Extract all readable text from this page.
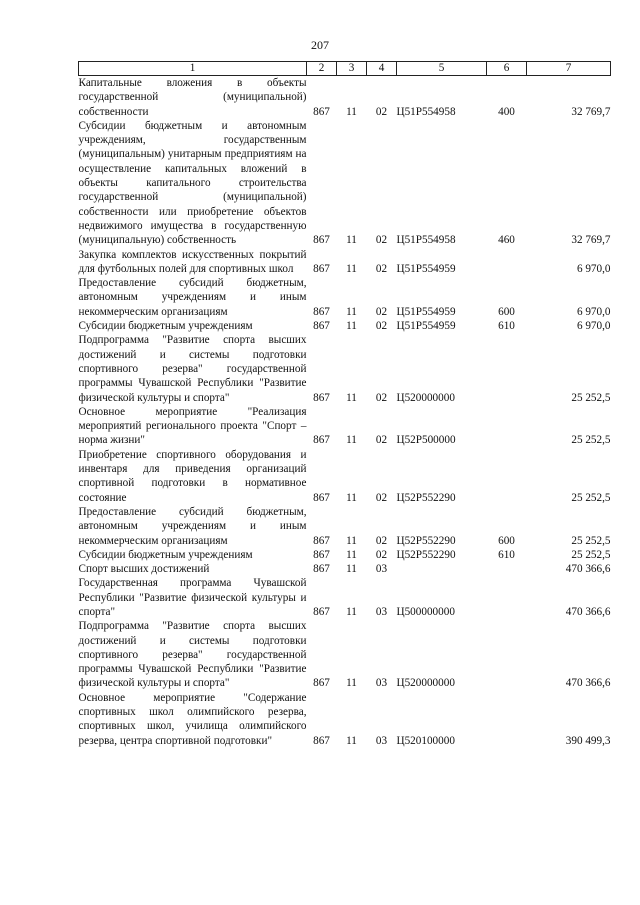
207
1	2	3	4	5	6	7
Капитальные вложения в объекты государственной (муниципальной) собственности	867	11	02	Ц51Р554958	400	32 769,7
Субсидии бюджетным и автономным учреждениям, государственным (муниципальным) унитарным предприятиям на осуществление капитальных вложений в объекты капитального строительства государственной (муниципальной) собственности или приобретение объектов недвижимого имущества в государственную (муниципальную) собственность	867	11	02	Ц51Р554958	460	32 769,7
Закупка комплектов искусственных покрытий для футбольных полей для спортивных школ	867	11	02	Ц51Р554959		6 970,0
Предоставление субсидий бюджетным, автономным учреждениям и иным некоммерческим организациям	867	11	02	Ц51Р554959	600	6 970,0
Субсидии бюджетным учреждениям	867	11	02	Ц51Р554959	610	6 970,0
Подпрограмма "Развитие спорта высших достижений и системы подготовки спортивного резерва" государственной программы Чувашской Республики "Развитие физической культуры и спорта"	867	11	02	Ц520000000		25 252,5
Основное мероприятие "Реализация мероприятий регионального проекта "Спорт – норма жизни"	867	11	02	Ц52Р500000		25 252,5
Приобретение спортивного оборудования и инвентаря для приведения организаций спортивной подготовки в нормативное состояние	867	11	02	Ц52Р552290		25 252,5
Предоставление субсидий бюджетным, автономным учреждениям и иным некоммерческим организациям	867	11	02	Ц52Р552290	600	25 252,5
Субсидии бюджетным учреждениям	867	11	02	Ц52Р552290	610	25 252,5
Спорт высших достижений	867	11	03			470 366,6
Государственная программа Чувашской Республики "Развитие физической культуры и спорта"	867	11	03	Ц500000000		470 366,6
Подпрограмма "Развитие спорта высших достижений и системы подготовки спортивного резерва" государственной программы Чувашской Республики "Развитие физической культуры и спорта"	867	11	03	Ц520000000		470 366,6
Основное мероприятие "Содержание спортивных школ олимпийского резерва, спортивных школ, училища олимпийского резерва, центра спортивной подготовки"	867	11	03	Ц520100000		390 499,3
